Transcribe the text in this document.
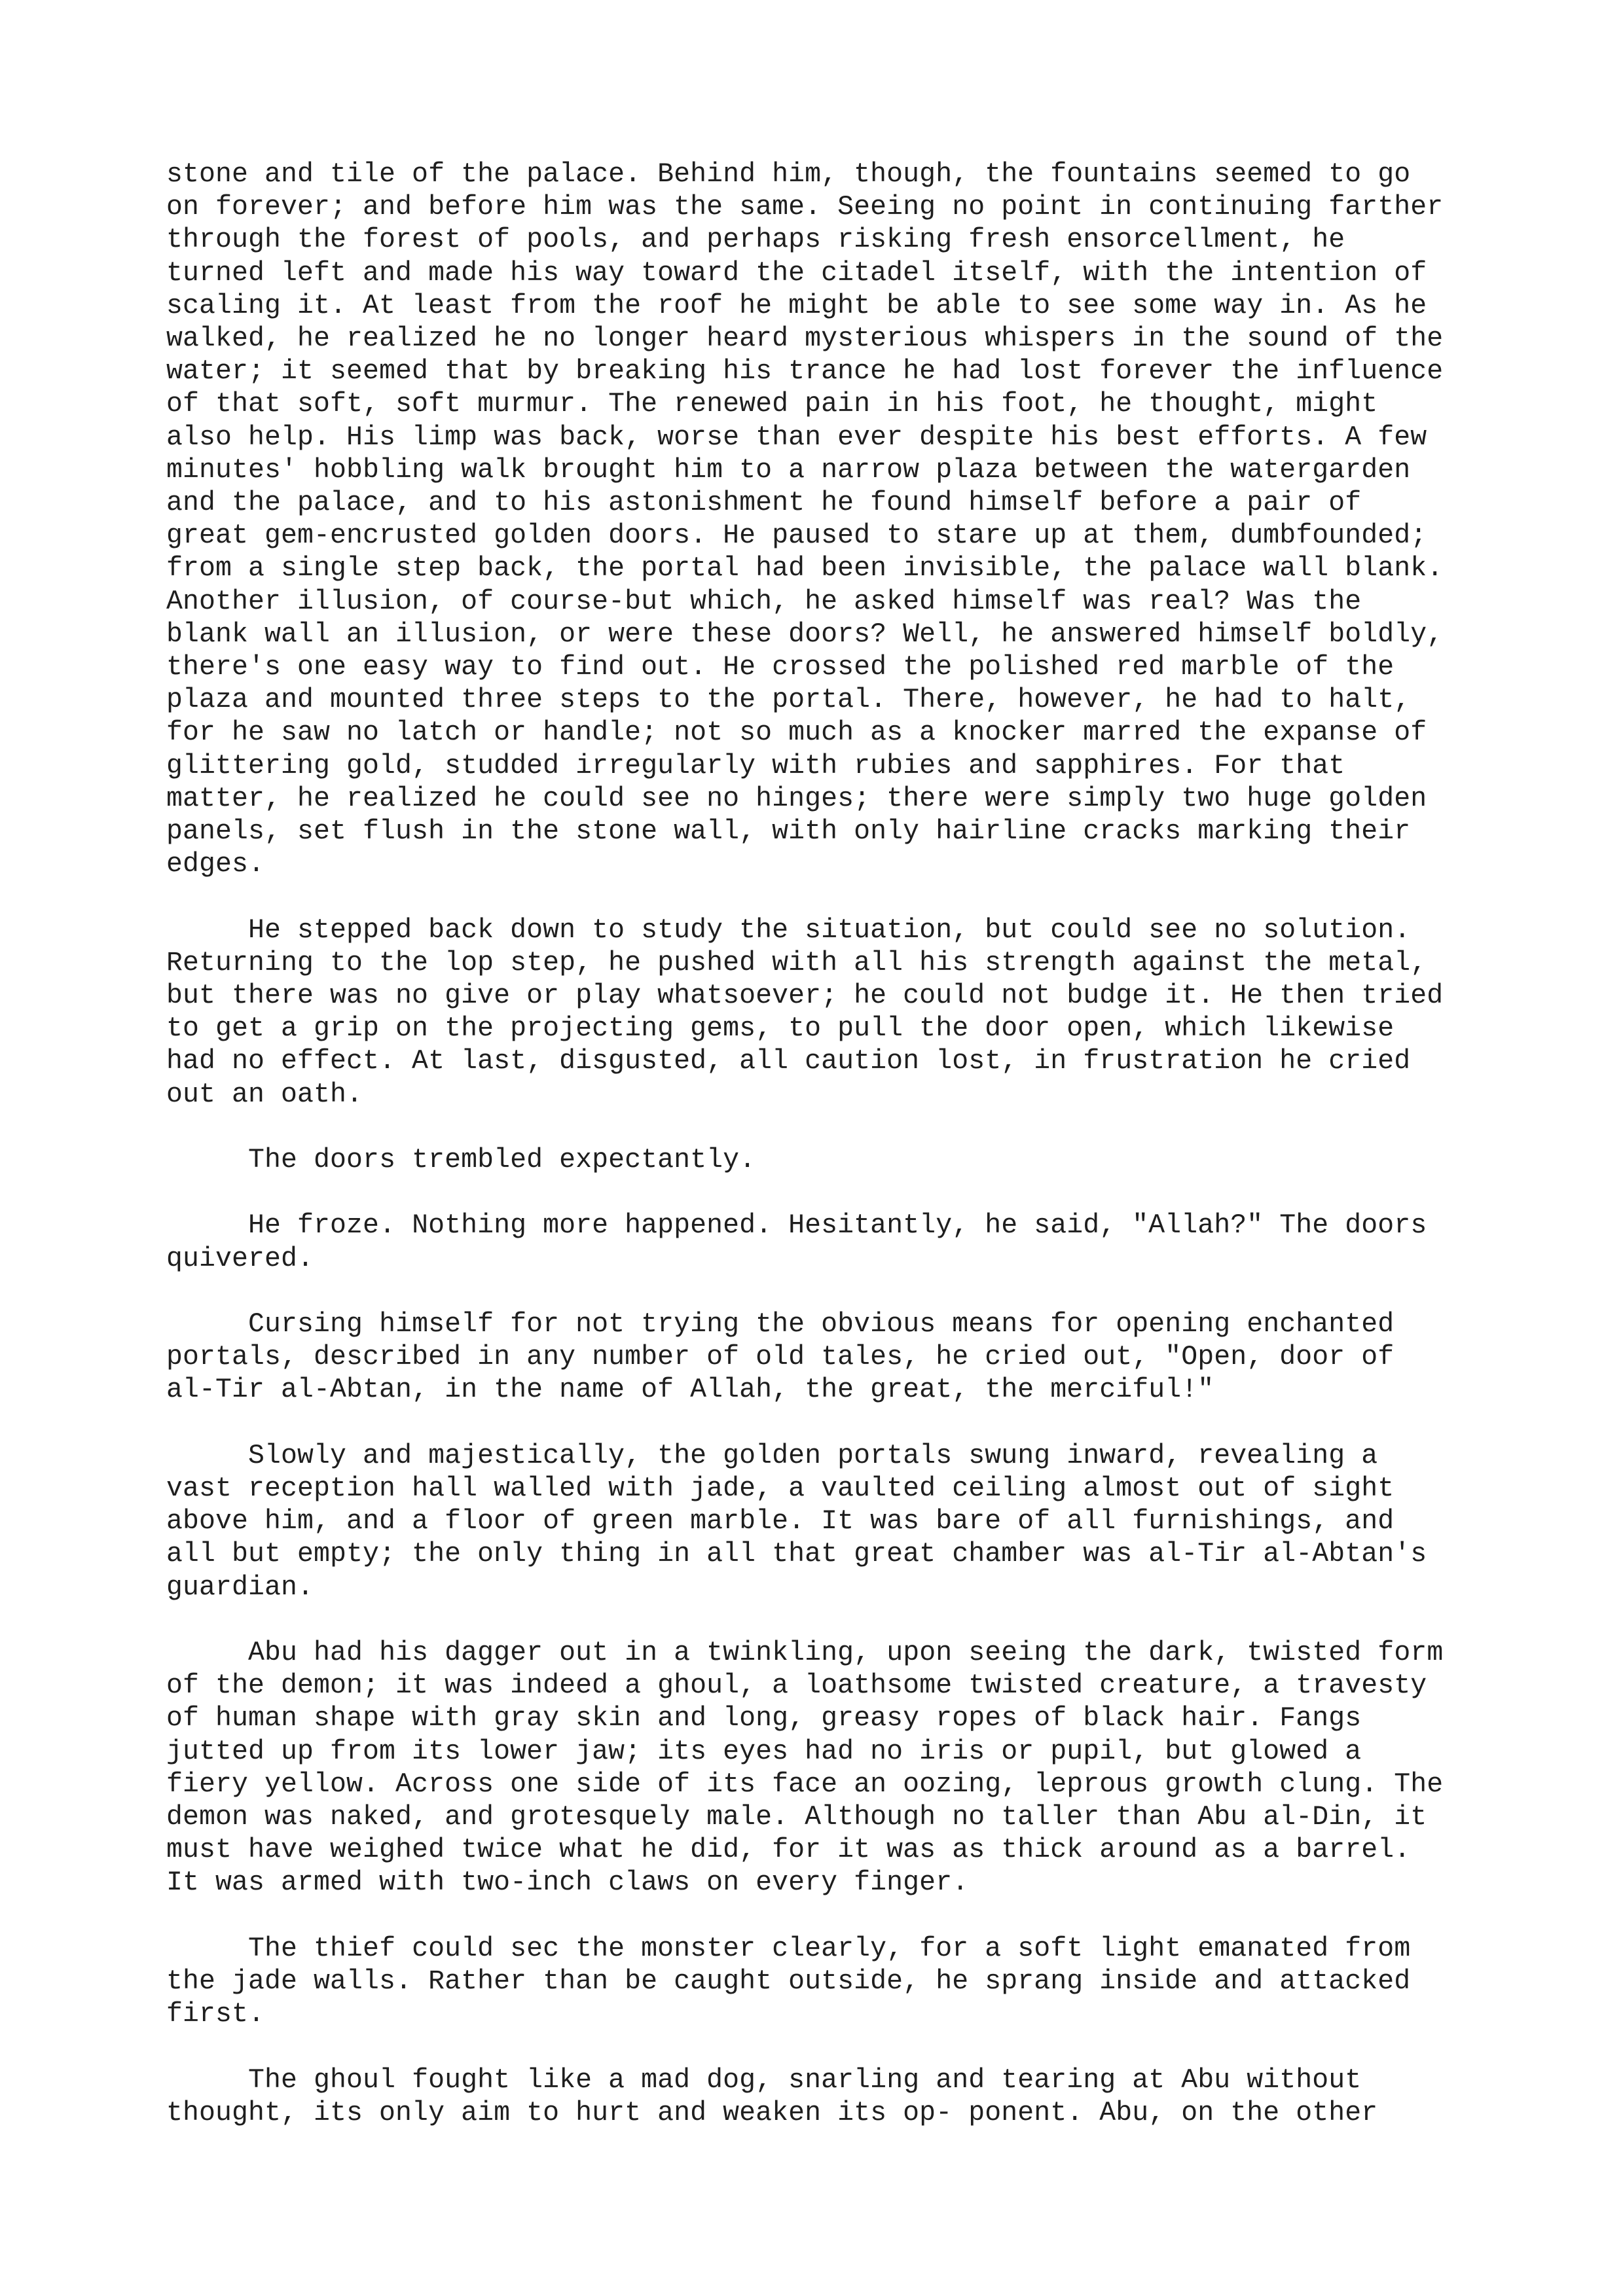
stone and tile of the palace. Behind him, though, the fountains seemed to go
on forever; and before him was the same. Seeing no point in continuing farther
through the forest of pools, and perhaps risking fresh ensorcellment, he
turned left and made his way toward the citadel itself, with the intention of
scaling it. At least from the roof he might be able to see some way in. As he
walked, he realized he no longer heard mysterious whispers in the sound of the
water; it seemed that by breaking his trance he had lost forever the influence
of that soft, soft murmur. The renewed pain in his foot, he thought, might
also help. His limp was back, worse than ever despite his best efforts. A few
minutes' hobbling walk brought him to a narrow plaza between the watergarden
and the palace, and to his astonishment he found himself before a pair of
great gem-encrusted golden doors. He paused to stare up at them, dumbfounded;
from a single step back, the portal had been invisible, the palace wall blank.
Another illusion, of course-but which, he asked himself was real? Was the
blank wall an illusion, or were these doors? Well, he answered himself boldly,
there's one easy way to find out. He crossed the polished red marble of the
plaza and mounted three steps to the portal. There, however, he had to halt,
for he saw no latch or handle; not so much as a knocker marred the expanse of
glittering gold, studded irregularly with rubies and sapphires. For that
matter, he realized he could see no hinges; there were simply two huge golden
panels, set flush in the stone wall, with only hairline cracks marking their
edges.

He stepped back down to study the situation, but could see no solution.
Returning to the lop step, he pushed with all his strength against the metal,
but there was no give or play whatsoever; he could not budge it. He then tried
to get a grip on the projecting gems, to pull the door open, which likewise
had no effect. At last, disgusted, all caution lost, in frustration he cried
out an oath.

The doors trembled expectantly.

He froze. Nothing more happened. Hesitantly, he said, "Allah?" The doors
quivered.

Cursing himself for not trying the obvious means for opening enchanted
portals, described in any number of old tales, he cried out, "Open, door of
al-Tir al-Abtan, in the name of Allah, the great, the merciful!"

Slowly and majestically, the golden portals swung inward, revealing a
vast reception hall walled with jade, a vaulted ceiling almost out of sight
above him, and a floor of green marble. It was bare of all furnishings, and
all but empty; the only thing in all that great chamber was al-Tir al-Abtan's
guardian.

Abu had his dagger out in a twinkling, upon seeing the dark, twisted form
of the demon; it was indeed a ghoul, a loathsome twisted creature, a travesty
of human shape with gray skin and long, greasy ropes of black hair. Fangs
jutted up from its lower jaw; its eyes had no iris or pupil, but glowed a
fiery yellow. Across one side of its face an oozing, leprous growth clung. The
demon was naked, and grotesquely male. Although no taller than Abu al-Din, it
must have weighed twice what he did, for it was as thick around as a barrel.
It was armed with two-inch claws on every finger.

The thief could sec the monster clearly, for a soft light emanated from
the jade walls. Rather than be caught outside, he sprang inside and attacked
first.

The ghoul fought like a mad dog, snarling and tearing at Abu without
thought, its only aim to hurt and weaken its op- ponent. Abu, on the other
